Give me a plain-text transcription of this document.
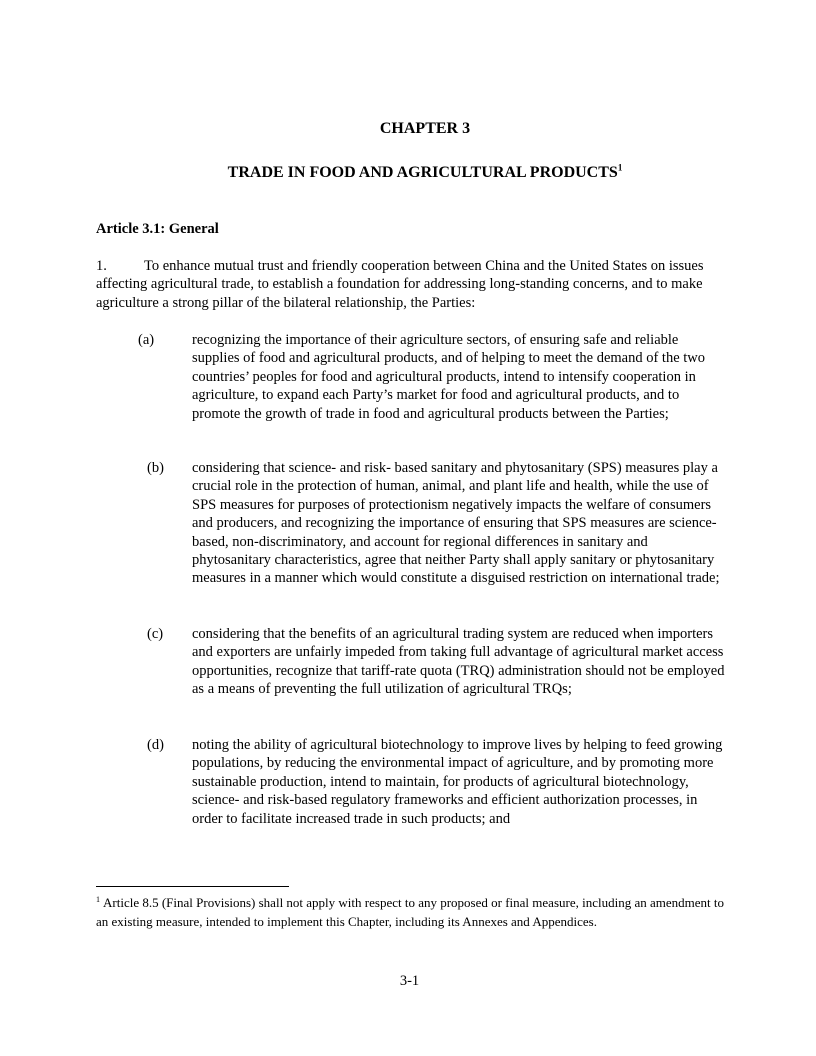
CHAPTER 3
TRADE IN FOOD AND AGRICULTURAL PRODUCTS$^1$
Article 3.1: General
1.	To enhance mutual trust and friendly cooperation between China and the United States on issues affecting agricultural trade, to establish a foundation for addressing long-standing concerns, and to make agriculture a strong pillar of the bilateral relationship, the Parties:
(a)	recognizing the importance of their agriculture sectors, of ensuring safe and reliable supplies of food and agricultural products, and of helping to meet the demand of the two countries’ peoples for food and agricultural products, intend to intensify cooperation in agriculture, to expand each Party’s market for food and agricultural products, and to promote the growth of trade in food and agricultural products between the Parties;
(b)	considering that science- and risk- based sanitary and phytosanitary (SPS) measures play a crucial role in the protection of human, animal, and plant life and health, while the use of SPS measures for purposes of protectionism negatively impacts the welfare of consumers and producers, and recognizing the importance of ensuring that SPS measures are science-based, non-discriminatory, and account for regional differences in sanitary and phytosanitary characteristics, agree that neither Party shall apply sanitary or phytosanitary measures in a manner which would constitute a disguised restriction on international trade;
(c)	considering that the benefits of an agricultural trading system are reduced when importers and exporters are unfairly impeded from taking full advantage of agricultural market access opportunities, recognize that tariff-rate quota (TRQ) administration should not be employed as a means of preventing the full utilization of agricultural TRQs;
(d)	noting the ability of agricultural biotechnology to improve lives by helping to feed growing populations, by reducing the environmental impact of agriculture, and by promoting more sustainable production, intend to maintain, for products of agricultural biotechnology, science- and risk-based regulatory frameworks and efficient authorization processes, in order to facilitate increased trade in such products; and
$^1$ Article 8.5 (Final Provisions) shall not apply with respect to any proposed or final measure, including an amendment to an existing measure, intended to implement this Chapter, including its Annexes and Appendices.
3-1
